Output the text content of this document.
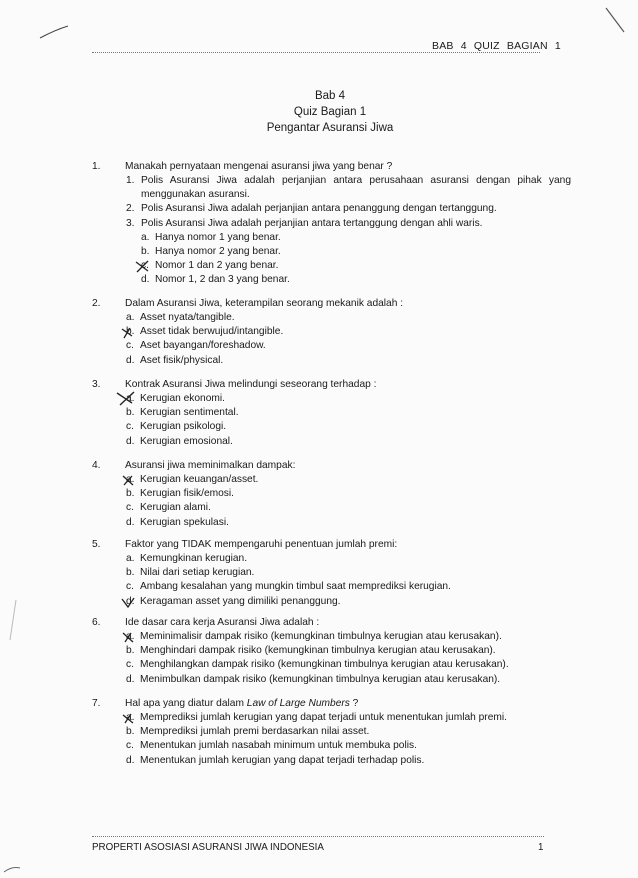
BAB 4 QUIZ BAGIAN 1
Bab 4
Quiz Bagian 1
Pengantar Asuransi Jiwa
1. Manakah pernyataan mengenai asuransi jiwa yang benar ?
1. Polis Asuransi Jiwa adalah perjanjian antara perusahaan asuransi dengan pihak yang menggunakan asuransi.
2. Polis Asuransi Jiwa adalah perjanjian antara penanggung dengan tertanggung.
3. Polis Asuransi Jiwa adalah perjanjian antara tertanggung dengan ahli waris.
a. Hanya nomor 1 yang benar.
b. Hanya nomor 2 yang benar.
c. Nomor 1 dan 2 yang benar.
d. Nomor 1, 2 dan 3 yang benar.
2. Dalam Asuransi Jiwa, keterampilan seorang mekanik adalah :
a. Asset nyata/tangible.
b. Asset tidak berwujud/intangible.
c. Aset bayangan/foreshadow.
d. Aset fisik/physical.
3. Kontrak Asuransi Jiwa melindungi seseorang terhadap :
a. Kerugian ekonomi.
b. Kerugian sentimental.
c. Kerugian psikologi.
d. Kerugian emosional.
4. Asuransi jiwa meminimalkan dampak:
a. Kerugian keuangan/asset.
b. Kerugian fisik/emosi.
c. Kerugian alami.
d. Kerugian spekulasi.
5. Faktor yang TIDAK mempengaruhi penentuan jumlah premi:
a. Kemungkinan kerugian.
b. Nilai dari setiap kerugian.
c. Ambang kesalahan yang mungkin timbul saat memprediksi kerugian.
d. Keragaman asset yang dimiliki penanggung.
6. Ide dasar cara kerja Asuransi Jiwa adalah :
a. Meminimalisir dampak risiko (kemungkinan timbulnya kerugian atau kerusakan).
b. Menghindari dampak risiko (kemungkinan timbulnya kerugian atau kerusakan).
c. Menghilangkan dampak risiko (kemungkinan timbulnya kerugian atau kerusakan).
d. Menimbulkan dampak risiko (kemungkinan timbulnya kerugian atau kerusakan).
7. Hal apa yang diatur dalam Law of Large Numbers ?
a. Memprediksi jumlah kerugian yang dapat terjadi untuk menentukan jumlah premi.
b. Memprediksi jumlah premi berdasarkan nilai asset.
c. Menentukan jumlah nasabah minimum untuk membuka polis.
d. Menentukan jumlah kerugian yang dapat terjadi terhadap polis.
PROPERTI ASOSIASI ASURANSI JIWA INDONESIA	1
